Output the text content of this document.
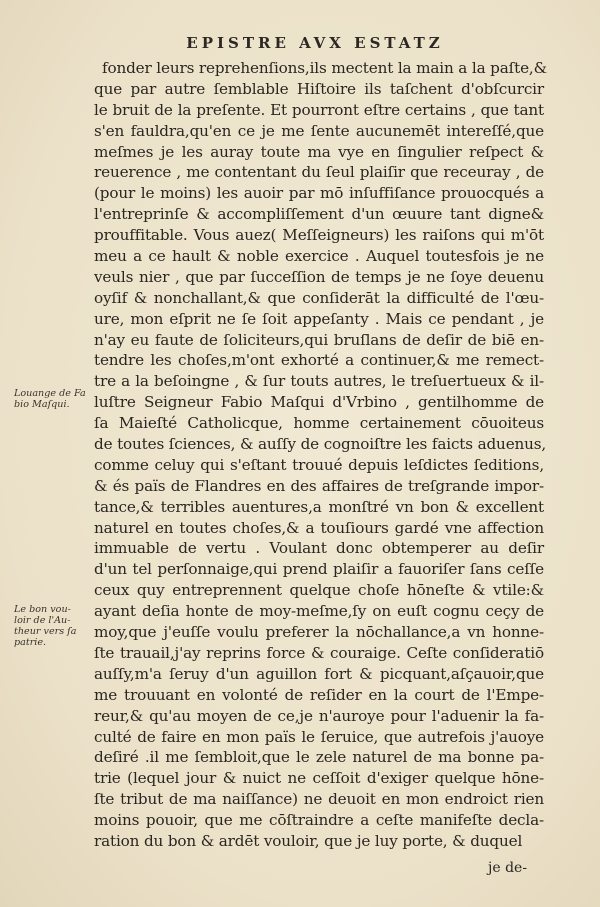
EPISTRE AVX ESTATZ
fonder leurs reprehenſions,ils mectent la main a la paſte,&
que par autre ſemblable Hiſtoire ils taſchent d'obſcurcir
le bruit de la preſente. Et pourront eſtre certains , que tant
s'en fauldra,qu'en ce je me ſente aucunemēt intereſſé,que
meſmes je les auray toute ma vye en ſingulier reſpect &
reuerence , me contentant du ſeul plaiſir que receuray , de
(pour le moins) les auoir par mō inſuffiſance prouocqués a
l'entreprinſe & accompliſſement d'un œuure tant digne&
prouffitable. Vous auez( Meſſeigneurs) les raiſons qui m'ōt
meu a ce hault & noble exercice . Auquel toutesfois je ne
veuls nier , que par ſucceſſion de temps je ne ſoye deuenu
oyſif & nonchallant,& que conſiderāt la difficulté de l'œu-
ure, mon eſprit ne ſe ſoit appeſanty . Mais ce pendant , je
n'ay eu faute de ſoliciteurs,qui bruſlans de deſir de biē en-
tendre les choſes,m'ont exhorté a continuer,& me remect-
tre a la beſoingne , & ſur touts autres, le treſuertueux & il-
luſtre Seigneur Fabio Maſqui d'Vrbino , gentilhomme de
ſa Maieſté Catholicque, homme certainement cōuoiteus
de toutes ſciences, & auſſy de cognoiſtre les faicts aduenus,
comme celuy qui s'eſtant trouué depuis leſdictes ſeditions,
& és païs de Flandres en des affaires de treſgrande impor-
tance,& terribles auentures,a monſtré vn bon & excellent
naturel en toutes choſes,& a touſiours gardé vne affection
immuable de vertu . Voulant donc obtemperer au deſir
d'un tel perſonnaige,qui prend plaiſir a fauoriſer ſans ceſſe
ceux quy entreprennent quelque choſe hōneſte & vtile:&
ayant deſia honte de moy-meſme,ſy on euſt cognu ceçy de
moy,que j'euſſe voulu preferer la nōchallance,a vn honne-
ſte trauail,j'ay reprins force & couraige. Ceſte conſideratiō
auſſy,m'a ſeruy d'un aguillon fort & picquant,aſçauoir,que
me trouuant en volonté de reſider en la court de l'Empe-
reur,& qu'au moyen de ce,je n'auroye pour l'aduenir la fa-
culté de faire en mon païs le ſeruice, que autrefois j'auoye
deſiré .il me ſembloit,que le zele naturel de ma bonne pa-
trie (lequel jour & nuict ne ceſſoit d'exiger quelque hōne-
ſte tribut de ma naiſſance) ne deuoit en mon endroict rien
moins pouoir, que me cōſtraindre a ceſte manifeſte decla-
ration du bon & ardēt vouloir, que je luy porte, & duquel
Louange de Fa
bio Maſqui.
Le bon vou-
loir de l'Au-
theur vers ſa
patrie.
je de-
